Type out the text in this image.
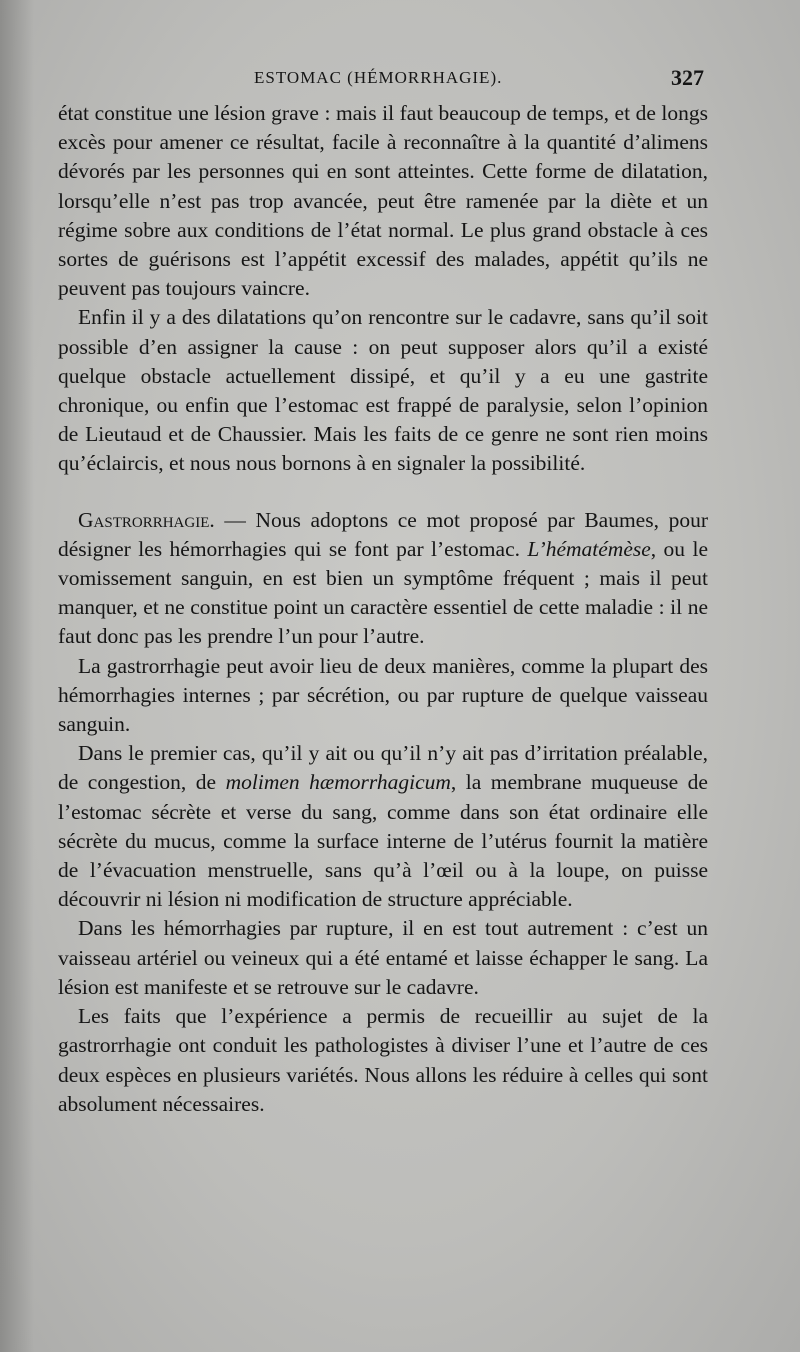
ESTOMAC (HÉMORRHAGIE).	327

état constitue une lésion grave : mais il faut beaucoup de temps, et de longs excès pour amener ce résultat, facile à reconnaître à la quantité d’alimens dévorés par les personnes qui en sont atteintes. Cette forme de dilatation, lorsqu’elle n’est pas trop avancée, peut être ramenée par la diète et un régime sobre aux conditions de l’état normal. Le plus grand obstacle à ces sortes de guérisons est l’appétit excessif des malades, appétit qu’ils ne peuvent pas toujours vaincre.

Enfin il y a des dilatations qu’on rencontre sur le cadavre, sans qu’il soit possible d’en assigner la cause : on peut supposer alors qu’il a existé quelque obstacle actuellement dissipé, et qu’il y a eu une gastrite chronique, ou enfin que l’estomac est frappé de paralysie, selon l’opinion de Lieutaud et de Chaussier. Mais les faits de ce genre ne sont rien moins qu’éclaircis, et nous nous bornons à en signaler la possibilité.

Gastrorrhagie. — Nous adoptons ce mot proposé par Baumes, pour désigner les hémorrhagies qui se font par l’estomac. L’hématémèse, ou le vomissement sanguin, en est bien un symptôme fréquent ; mais il peut manquer, et ne constitue point un caractère essentiel de cette maladie : il ne faut donc pas les prendre l’un pour l’autre.

La gastrorrhagie peut avoir lieu de deux manières, comme la plupart des hémorrhagies internes ; par sécrétion, ou par rupture de quelque vaisseau sanguin.

Dans le premier cas, qu’il y ait ou qu’il n’y ait pas d’irritation préalable, de congestion, de molimen hæmorrhagicum, la membrane muqueuse de l’estomac sécrète et verse du sang, comme dans son état ordinaire elle sécrète du mucus, comme la surface interne de l’utérus fournit la matière de l’évacuation menstruelle, sans qu’à l’œil ou à la loupe, on puisse découvrir ni lésion ni modification de structure appréciable.

Dans les hémorrhagies par rupture, il en est tout autrement : c’est un vaisseau artériel ou veineux qui a été entamé et laisse échapper le sang. La lésion est manifeste et se retrouve sur le cadavre.

Les faits que l’expérience a permis de recueillir au sujet de la gastrorrhagie ont conduit les pathologistes à diviser l’une et l’autre de ces deux espèces en plusieurs variétés. Nous allons les réduire à celles qui sont absolument nécessaires.
